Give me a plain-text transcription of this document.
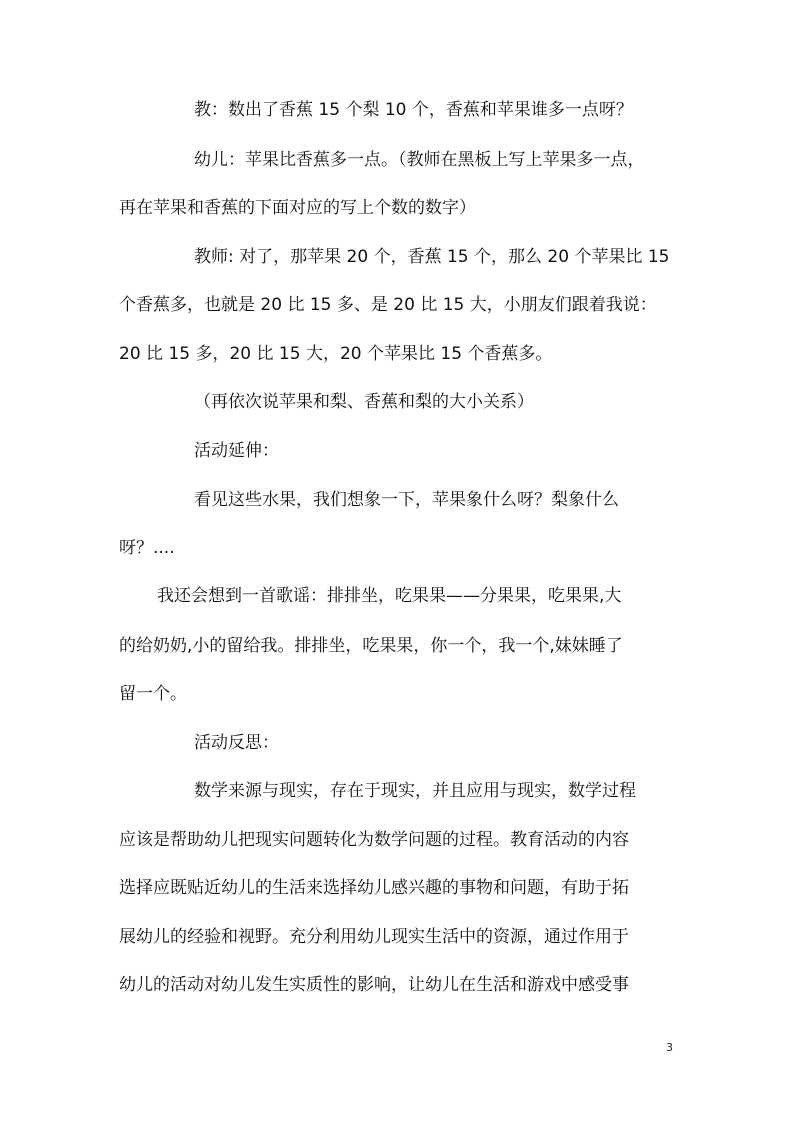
教：数出了香蕉 15 个梨 10 个，香蕉和苹果谁多一点呀？
幼儿：苹果比香蕉多一点。（教师在黑板上写上苹果多一点，
再在苹果和香蕉的下面对应的写上个数的数字）
教师: 对了，那苹果 20 个，香蕉 15 个，那么 20 个苹果比 15
个香蕉多，也就是 20 比 15 多、是 20 比 15 大，小朋友们跟着我说：
20 比 15 多，20 比 15 大，20 个苹果比 15 个香蕉多。
（再依次说苹果和梨、香蕉和梨的大小关系）
活动延伸：
看见这些水果，我们想象一下，苹果象什么呀？梨象什么
呀？....
我还会想到一首歌谣：排排坐，吃果果——分果果，吃果果,大
的给奶奶,小的留给我。排排坐，吃果果，你一个，我一个,妹妹睡了
留一个。
活动反思：
数学来源与现实，存在于现实，并且应用与现实，数学过程
应该是帮助幼儿把现实问题转化为数学问题的过程。教育活动的内容
选择应既贴近幼儿的生活来选择幼儿感兴趣的事物和问题，有助于拓
展幼儿的经验和视野。充分利用幼儿现实生活中的资源，通过作用于
幼儿的活动对幼儿发生实质性的影响，让幼儿在生活和游戏中感受事
3
